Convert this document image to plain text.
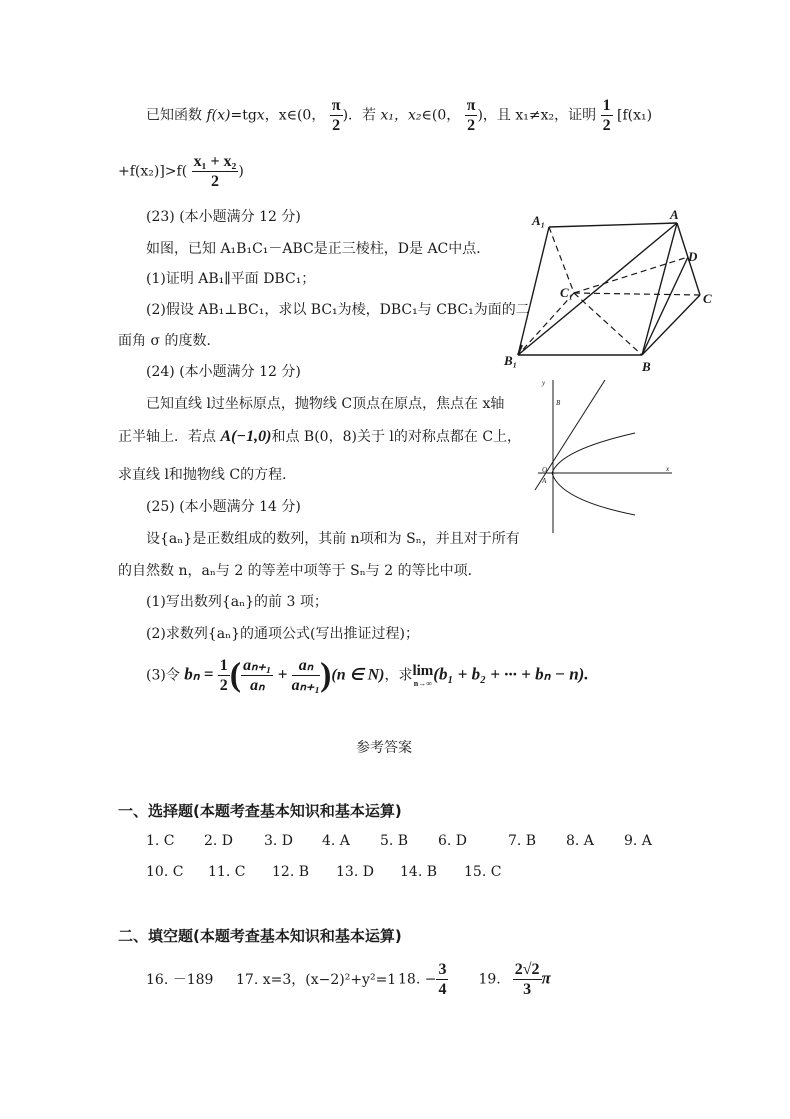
已知函数 f(x)=tgx，x∈(0， $\frac{\pi}{2}$ )．若 x₁，x₂∈(0， $\frac{\pi}{2}$ )，且 x₁≠x₂，证明 $\frac{1}{2} [f(x_1)$
$+f(x_2)]>f( \frac{\text{x₁ + x₂}}{2}$ )
(23) (本小题满分 12 分)
如图，已知 A₁B₁C₁－ABC是正三棱柱，D是 AC中点．
(1)证明 AB₁∥平面 DBC₁；
(2)假设 AB₁⊥BC₁，求以 BC₁为棱，DBC₁与 CBC₁为面的二
面角 σ 的度数．
A₁	A
D
C₁	C
B₁	B
(24) (本小题满分 12 分)
已知直线 l过坐标原点，抛物线 C顶点在原点，焦点在 x轴
正半轴上．若点 A(−1,0)和点 B(0，8)关于 l的对称点都在 C上，
求直线 l和抛物线 C的方程．
y
B
O
A
x
(25) (本小题满分 14 分)
设{aₙ}是正数组成的数列，其前 n项和为 Sₙ，并且对于所有
的自然数 n，aₙ与 2 的等差中项等于 Sₙ与 2 的等比中项．
(1)写出数列{aₙ}的前 3 项；
(2)求数列{aₙ}的通项公式(写出推证过程)；
(3)令 $b_n = \frac{1}{2}$ ( $\frac{\text{aₙ₊₁}}{\text{aₙ}} + \frac{\text{aₙ}}{\text{aₙ₊₁}} )(n$ ∈ N)，求 lim
n→∞ (b₁ + b₂ + ··· + bₙ − n).
参考答案
一、选择题(本题考查基本知识和基本运算)
1. C 2. D 3. D 4. A 5. B 6. D	7. B 8. A 9. A
10. C 11. C 12. B 13. D 14. B 15. C
二、填空题(本题考查基本知识和基本运算)
16. －189 17. x=3，(x−2)²+y²=1 18. − $\frac{3}{4} 19$. $\frac{2√2}{3}$ π
